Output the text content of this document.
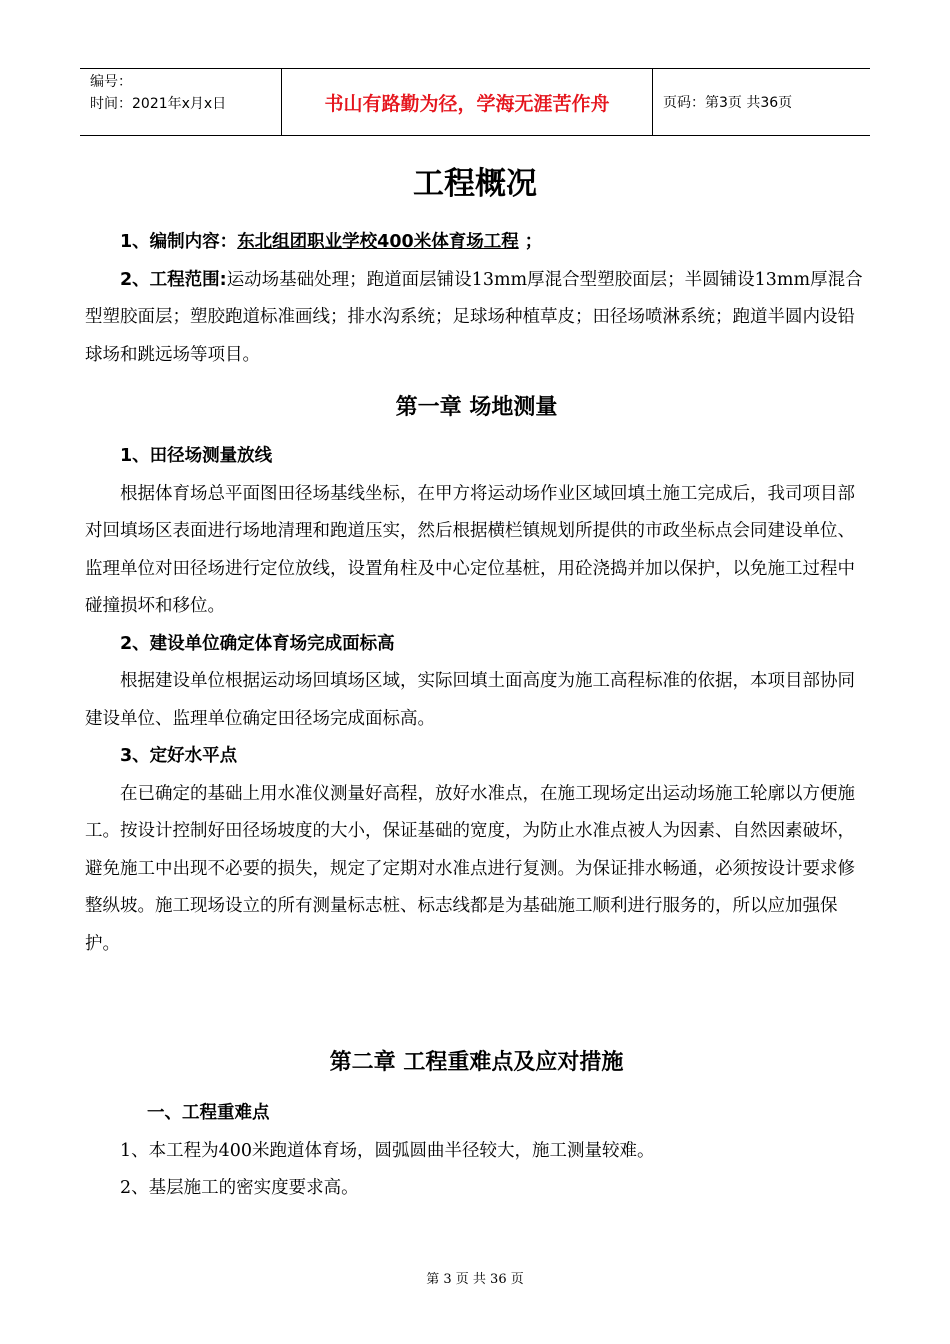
编号：
时间：2021年x月x日	书山有路勤为径，学海无涯苦作舟	页码：第3页 共36页
工程概况

1、编制内容：东北组团职业学校400米体育场工程 ；

2、工程范围:运动场基础处理；跑道面层铺设13mm厚混合型塑胶面层；半圆铺设13mm厚混合型塑胶面层；塑胶跑道标准画线；排水沟系统；足球场种植草皮；田径场喷淋系统；跑道半圆内设铅球场和跳远场等项目。

第一章 场地测量

1、田径场测量放线

根据体育场总平面图田径场基线坐标，在甲方将运动场作业区域回填土施工完成后，我司项目部对回填场区表面进行场地清理和跑道压实，然后根据横栏镇规划所提供的市政坐标点会同建设单位、监理单位对田径场进行定位放线，设置角柱及中心定位基桩，用砼浇捣并加以保护，以免施工过程中碰撞损坏和移位。

2、建设单位确定体育场完成面标高

根据建设单位根据运动场回填场区域，实际回填土面高度为施工高程标准的依据，本项目部协同建设单位、监理单位确定田径场完成面标高。

3、定好水平点

在已确定的基础上用水准仪测量好高程，放好水准点，在施工现场定出运动场施工轮廓以方便施工。按设计控制好田径场坡度的大小，保证基础的宽度，为防止水准点被人为因素、自然因素破坏，避免施工中出现不必要的损失，规定了定期对水准点进行复测。为保证排水畅通，必须按设计要求修整纵坡。施工现场设立的所有测量标志桩、标志线都是为基础施工顺利进行服务的，所以应加强保护。

第二章 工程重难点及应对措施

一、工程重难点

1、本工程为400米跑道体育场，圆弧圆曲半径较大，施工测量较难。

2、基层施工的密实度要求高。

第 3 页 共 36 页
